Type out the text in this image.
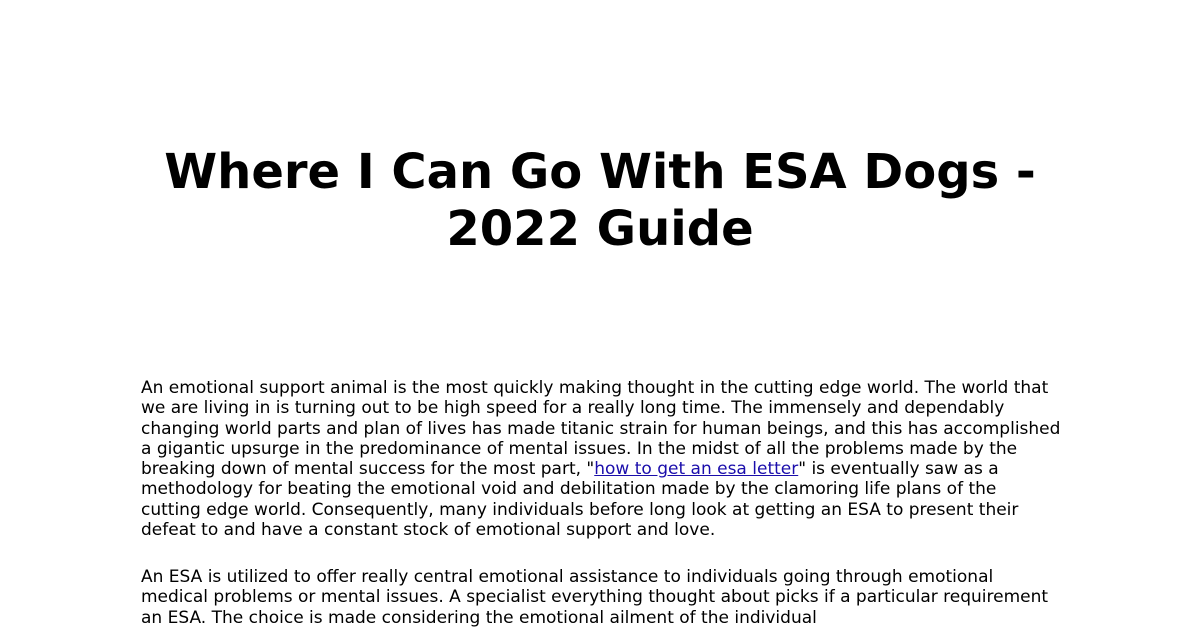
Where I Can Go With ESA Dogs - 2022 Guide

An emotional support animal is the most quickly making thought in the cutting edge world. The world that we are living in is turning out to be high speed for a really long time. The immensely and dependably changing world parts and plan of lives has made titanic strain for human beings, and this has accomplished a gigantic upsurge in the predominance of mental issues. In the midst of all the problems made by the breaking down of mental success for the most part, "how to get an esa letter" is eventually saw as a methodology for beating the emotional void and debilitation made by the clamoring life plans of the cutting edge world. Consequently, many individuals before long look at getting an ESA to present their defeat to and have a constant stock of emotional support and love.

An ESA is utilized to offer really central emotional assistance to individuals going through emotional medical problems or mental issues. A specialist everything thought about picks if a particular requirement an ESA. The choice is made considering the emotional ailment of the individual
